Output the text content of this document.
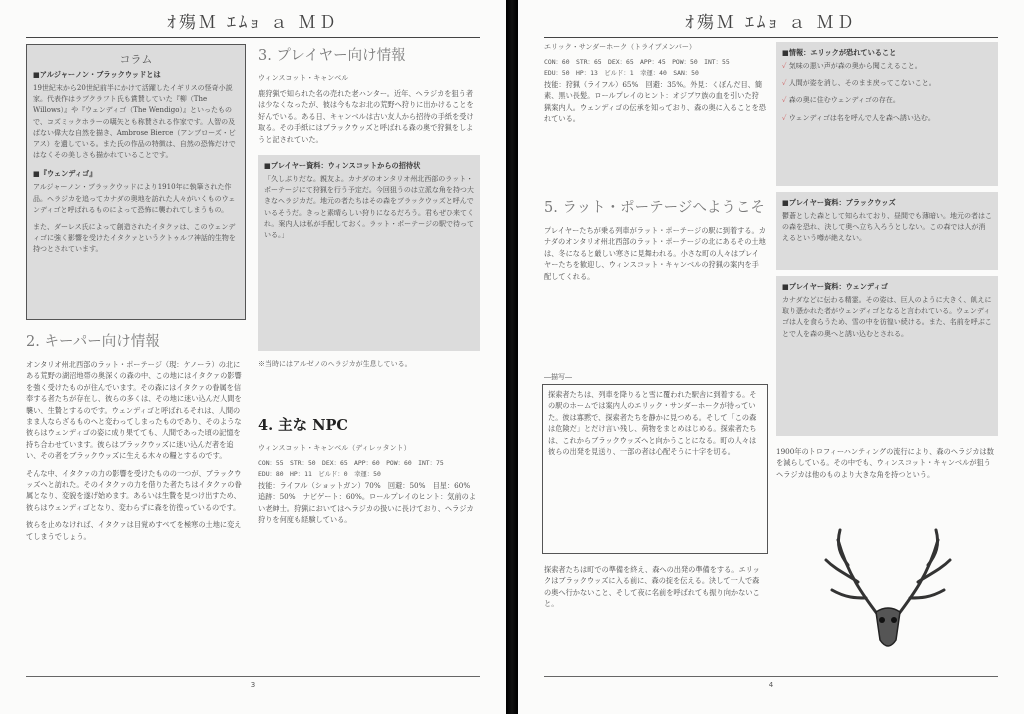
ｵ殤Ｍ ｴﾑｮ ａ ＭＤ
コラム
■アルジャーノン・ブラックウッドとは

19世紀末から20世紀前半にかけて活躍したイギリスの怪奇小説家。代表作はラブクラフト氏も賞賛していた『柳（The Willows）』や『ウェンディゴ（The Wendigo）』といったもので、コズミックホラーの嚆矢とも称賛される作家です。人智の及ばない偉大な自然を描き、Ambrose Bierce（アンブローズ・ビアス）を遺している。また氏の作品の特徴は、自然の恐怖だけではなくその美しさも描かれていることです。

■『ウェンディゴ』

アルジャーノン・ブラックウッドにより1910年に執筆された作品。ヘラジカを追ってカナダの奥地を訪れた人々がいくものウェンディゴと呼ばれるものによって恐怖に襲われてしまうもの。

また、ダーレス氏によって創造されたイタクァは、このウェンディゴに強く影響を受けたイタクァというクトゥルフ神話的生物を持つとされています。

2. キーパー向け情報

オンタリオ州北西部のラット・ポーテージ（現：ケノーラ）の北にある荒野の湖沼地帯の奥深くの森の中、この地にはイタクァの影響を強く受けたものが住んでいます。その森にはイタクァの眷属を信奉する者たちが存在し、彼らの多くは、その地に迷い込んだ人間を襲い、生贄とするのです。ウェンディゴと呼ばれるそれは、人間のまま人ならざるものへと変わってしまったものであり、そのような彼らはウェンディゴの姿に成り果てても、人間であった頃の記憶を持ち合わせています。彼らはブラックウッズに迷い込んだ者を追い、その者をブラックウッズに生える木々の糧とするのです。

そんな中、イタクァの力の影響を受けたものの一つが、ブラックウッズへと訪れた。そのイタクァの力を借りた者たちはイタクァの眷属となり、変貌を遂げ始めます。あるいは生贄を見つけ出すため、彼らはウェンディゴとなり、変わらずに森を彷徨っているのです。

彼らを止めなければ、イタクァは目覚めすべてを極寒の土地に変えてしまうでしょう。

3. プレイヤー向け情報
ウィンスコット・キャンベル

鹿狩猟で知られた名の売れた老ハンター。近年、ヘラジカを狙う者は少なくなったが、彼は今もなお北の荒野へ狩りに出かけることを好んでいる。ある日、キャンベルは古い友人から招待の手紙を受け取る。その手紙にはブラックウッズと呼ばれる森の奥で狩猟をしようと記されていた。

■プレイヤー資料：ウィンスコットからの招待状

「久しぶりだな。親友よ。カナダのオンタリオ州北西部のラット・ポーテージにて狩猟を行う予定だ。今回狙うのは立派な角を持つ大きなヘラジカだ。地元の者たちはその森をブラックウッズと呼んでいるそうだ。きっと素晴らしい狩りになるだろう。君もぜひ来てくれ。案内人は私が手配しておく。ラット・ポーテージの駅で待っている。」

※当時にはアルゼノのヘラジカが生息している。
4. 主な NPC
ウィンスコット・キャンベル（ディレッタント）
CON：55　STR：50　DEX：65　APP：60　POW：60　INT：75
EDU：80　HP：11　ビルド：0　幸運：50

技能：ライフル（ショットガン）70%　回避：50%　目星：60%　追跡：50%　ナビゲート：60%。ロールプレイのヒント：気前のよい老紳士。狩猟においてはヘラジカの扱いに長けており、ヘラジカ狩りを何度も経験している。

3
ｵ殤Ｍ ｴﾑｮ ａ ＭＤ
エリック・サンダーホーク（トライブメンバー）
CON：60　STR：65　DEX：65　APP：45　POW：50　INT：55
EDU：50　HP：13　ビルド：1　幸運：40　SAN：50

技能：狩猟（ライフル）65%　回避：35%。外見：くぼんだ目、簡素、黒い長髪。ロールプレイのヒント：オジブワ族の血を引いた狩猟案内人。ウェンディゴの伝承を知っており、森の奥に入ることを恐れている。

5. ラット・ポーテージへようこそ

プレイヤーたちが乗る列車がラット・ポーテージの駅に到着する。カナダのオンタリオ州北西部のラット・ポーテージの北にあるその土地は、冬になると厳しい寒さに見舞われる。小さな町の人々はプレイヤーたちを歓迎し、ウィンスコット・キャンベルの狩猟の案内を手配してくれる。

―描写―

探索者たちは、列車を降りると雪に覆われた駅舎に到着する。その駅のホームでは案内人のエリック・サンダーホークが待っていた。彼は寡黙で、探索者たちを静かに見つめる。そして「この森は危険だ」とだけ言い残し、荷物をまとめはじめる。探索者たちは、これからブラックウッズへと向かうことになる。町の人々は彼らの出発を見送り、一部の者は心配そうに十字を切る。

探索者たちは町での準備を終え、森への出発の準備をする。エリックはブラックウッズに入る前に、森の掟を伝える。決して一人で森の奥へ行かないこと、そして夜に名前を呼ばれても振り向かないこと。

■情報：エリックが恐れていること

✓ 気味の悪い声が森の奥から聞こえること。

✓ 人間が姿を消し、そのまま戻ってこないこと。

✓ 森の奥に住むウェンディゴの存在。

✓ ウェンディゴは名を呼んで人を森へ誘い込む。

■プレイヤー資料：ブラックウッズ

鬱蒼とした森として知られており、昼間でも薄暗い。地元の者はこの森を恐れ、決して奥へ立ち入ろうとしない。この森では人が消えるという噂が絶えない。

■プレイヤー資料：ウェンディゴ

カナダなどに伝わる精霊。その姿は、巨人のように大きく、飢えに取り憑かれた者がウェンディゴとなると言われている。ウェンディゴは人を食らうため、雪の中を彷徨い続ける。また、名前を呼ぶことで人を森の奥へと誘い込むとされる。

1900年のトロフィーハンティングの流行により、森のヘラジカは数を減らしている。その中でも、ウィンスコット・キャンベルが狙うヘラジカは他のものより大きな角を持つという。

4
